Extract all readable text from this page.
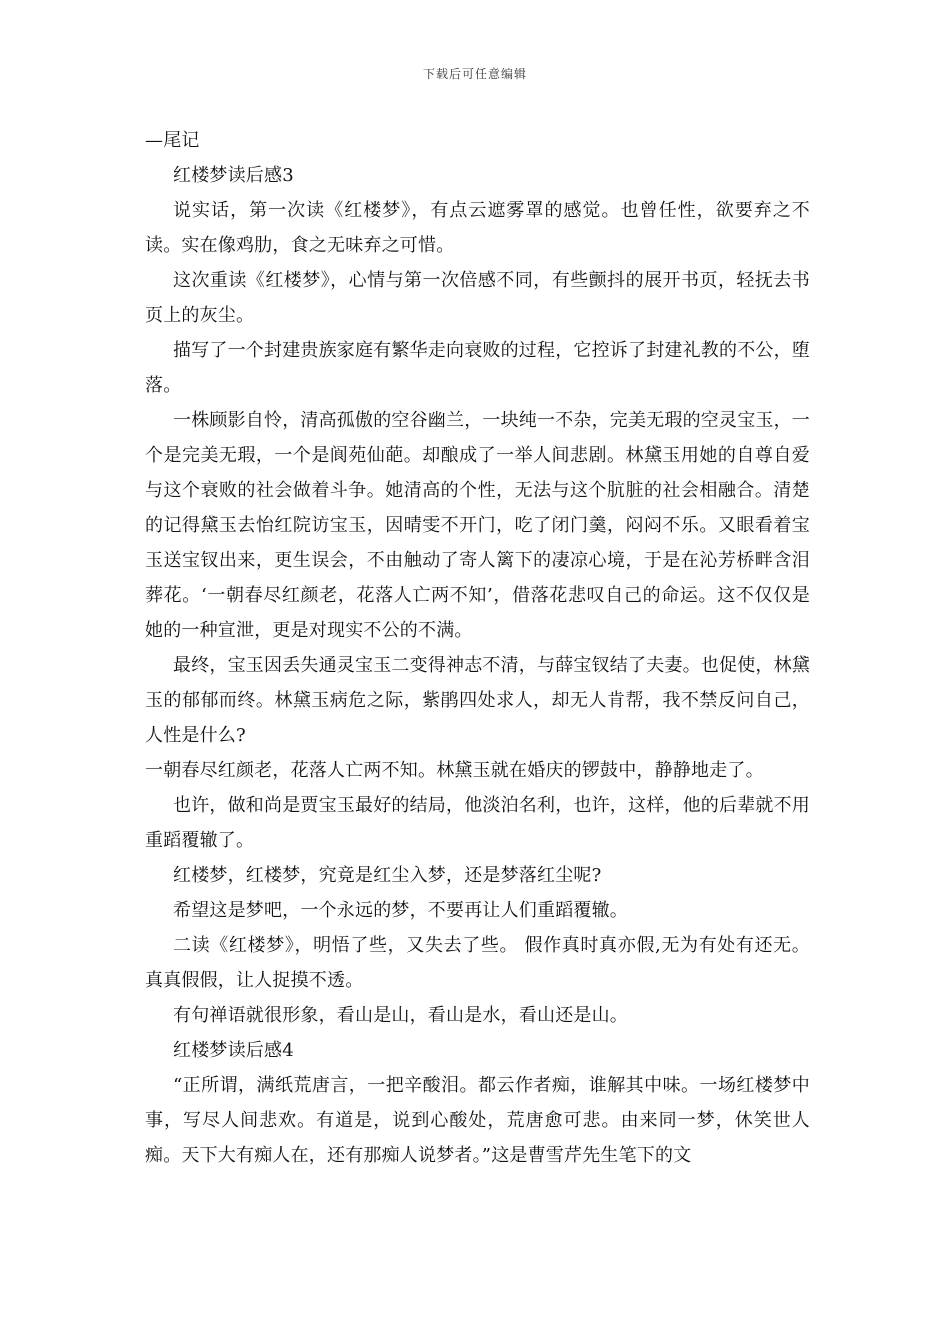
下载后可任意编辑

—尾记

红楼梦读后感3

说实话，第一次读《红楼梦》，有点云遮雾罩的感觉。也曾任性，欲要弃之不读。实在像鸡肋，食之无味弃之可惜。

这次重读《红楼梦》，心情与第一次倍感不同，有些颤抖的展开书页，轻抚去书页上的灰尘。

描写了一个封建贵族家庭有繁华走向衰败的过程，它控诉了封建礼教的不公，堕落。

一株顾影自怜，清高孤傲的空谷幽兰，一块纯一不杂，完美无瑕的空灵宝玉，一个是完美无瑕，一个是阆苑仙葩。却酿成了一举人间悲剧。林黛玉用她的自尊自爱与这个衰败的社会做着斗争。她清高的个性，无法与这个肮脏的社会相融合。清楚的记得黛玉去怡红院访宝玉，因晴雯不开门，吃了闭门羹，闷闷不乐。又眼看着宝玉送宝钗出来，更生误会，不由触动了寄人篱下的凄凉心境，于是在沁芳桥畔含泪葬花。‘一朝春尽红颜老，花落人亡两不知’，借落花悲叹自己的命运。这不仅仅是她的一种宣泄，更是对现实不公的不满。

最终，宝玉因丢失通灵宝玉二变得神志不清，与薛宝钗结了夫妻。也促使，林黛玉的郁郁而终。林黛玉病危之际，紫鹃四处求人，却无人肯帮，我不禁反问自己，人性是什么?

一朝春尽红颜老，花落人亡两不知。林黛玉就在婚庆的锣鼓中，静静地走了。

也许，做和尚是贾宝玉最好的结局，他淡泊名利，也许，这样，他的后辈就不用重蹈覆辙了。

红楼梦，红楼梦，究竟是红尘入梦，还是梦落红尘呢?

希望这是梦吧，一个永远的梦，不要再让人们重蹈覆辙。

二读《红楼梦》，明悟了些，又失去了些。 假作真时真亦假,无为有处有还无。真真假假，让人捉摸不透。

有句禅语就很形象，看山是山，看山是水，看山还是山。

红楼梦读后感4

“正所谓，满纸荒唐言，一把辛酸泪。都云作者痴，谁解其中味。一场红楼梦中事，写尽人间悲欢。有道是，说到心酸处，荒唐愈可悲。由来同一梦，休笑世人痴。天下大有痴人在，还有那痴人说梦者。”这是曹雪芹先生笔下的文
